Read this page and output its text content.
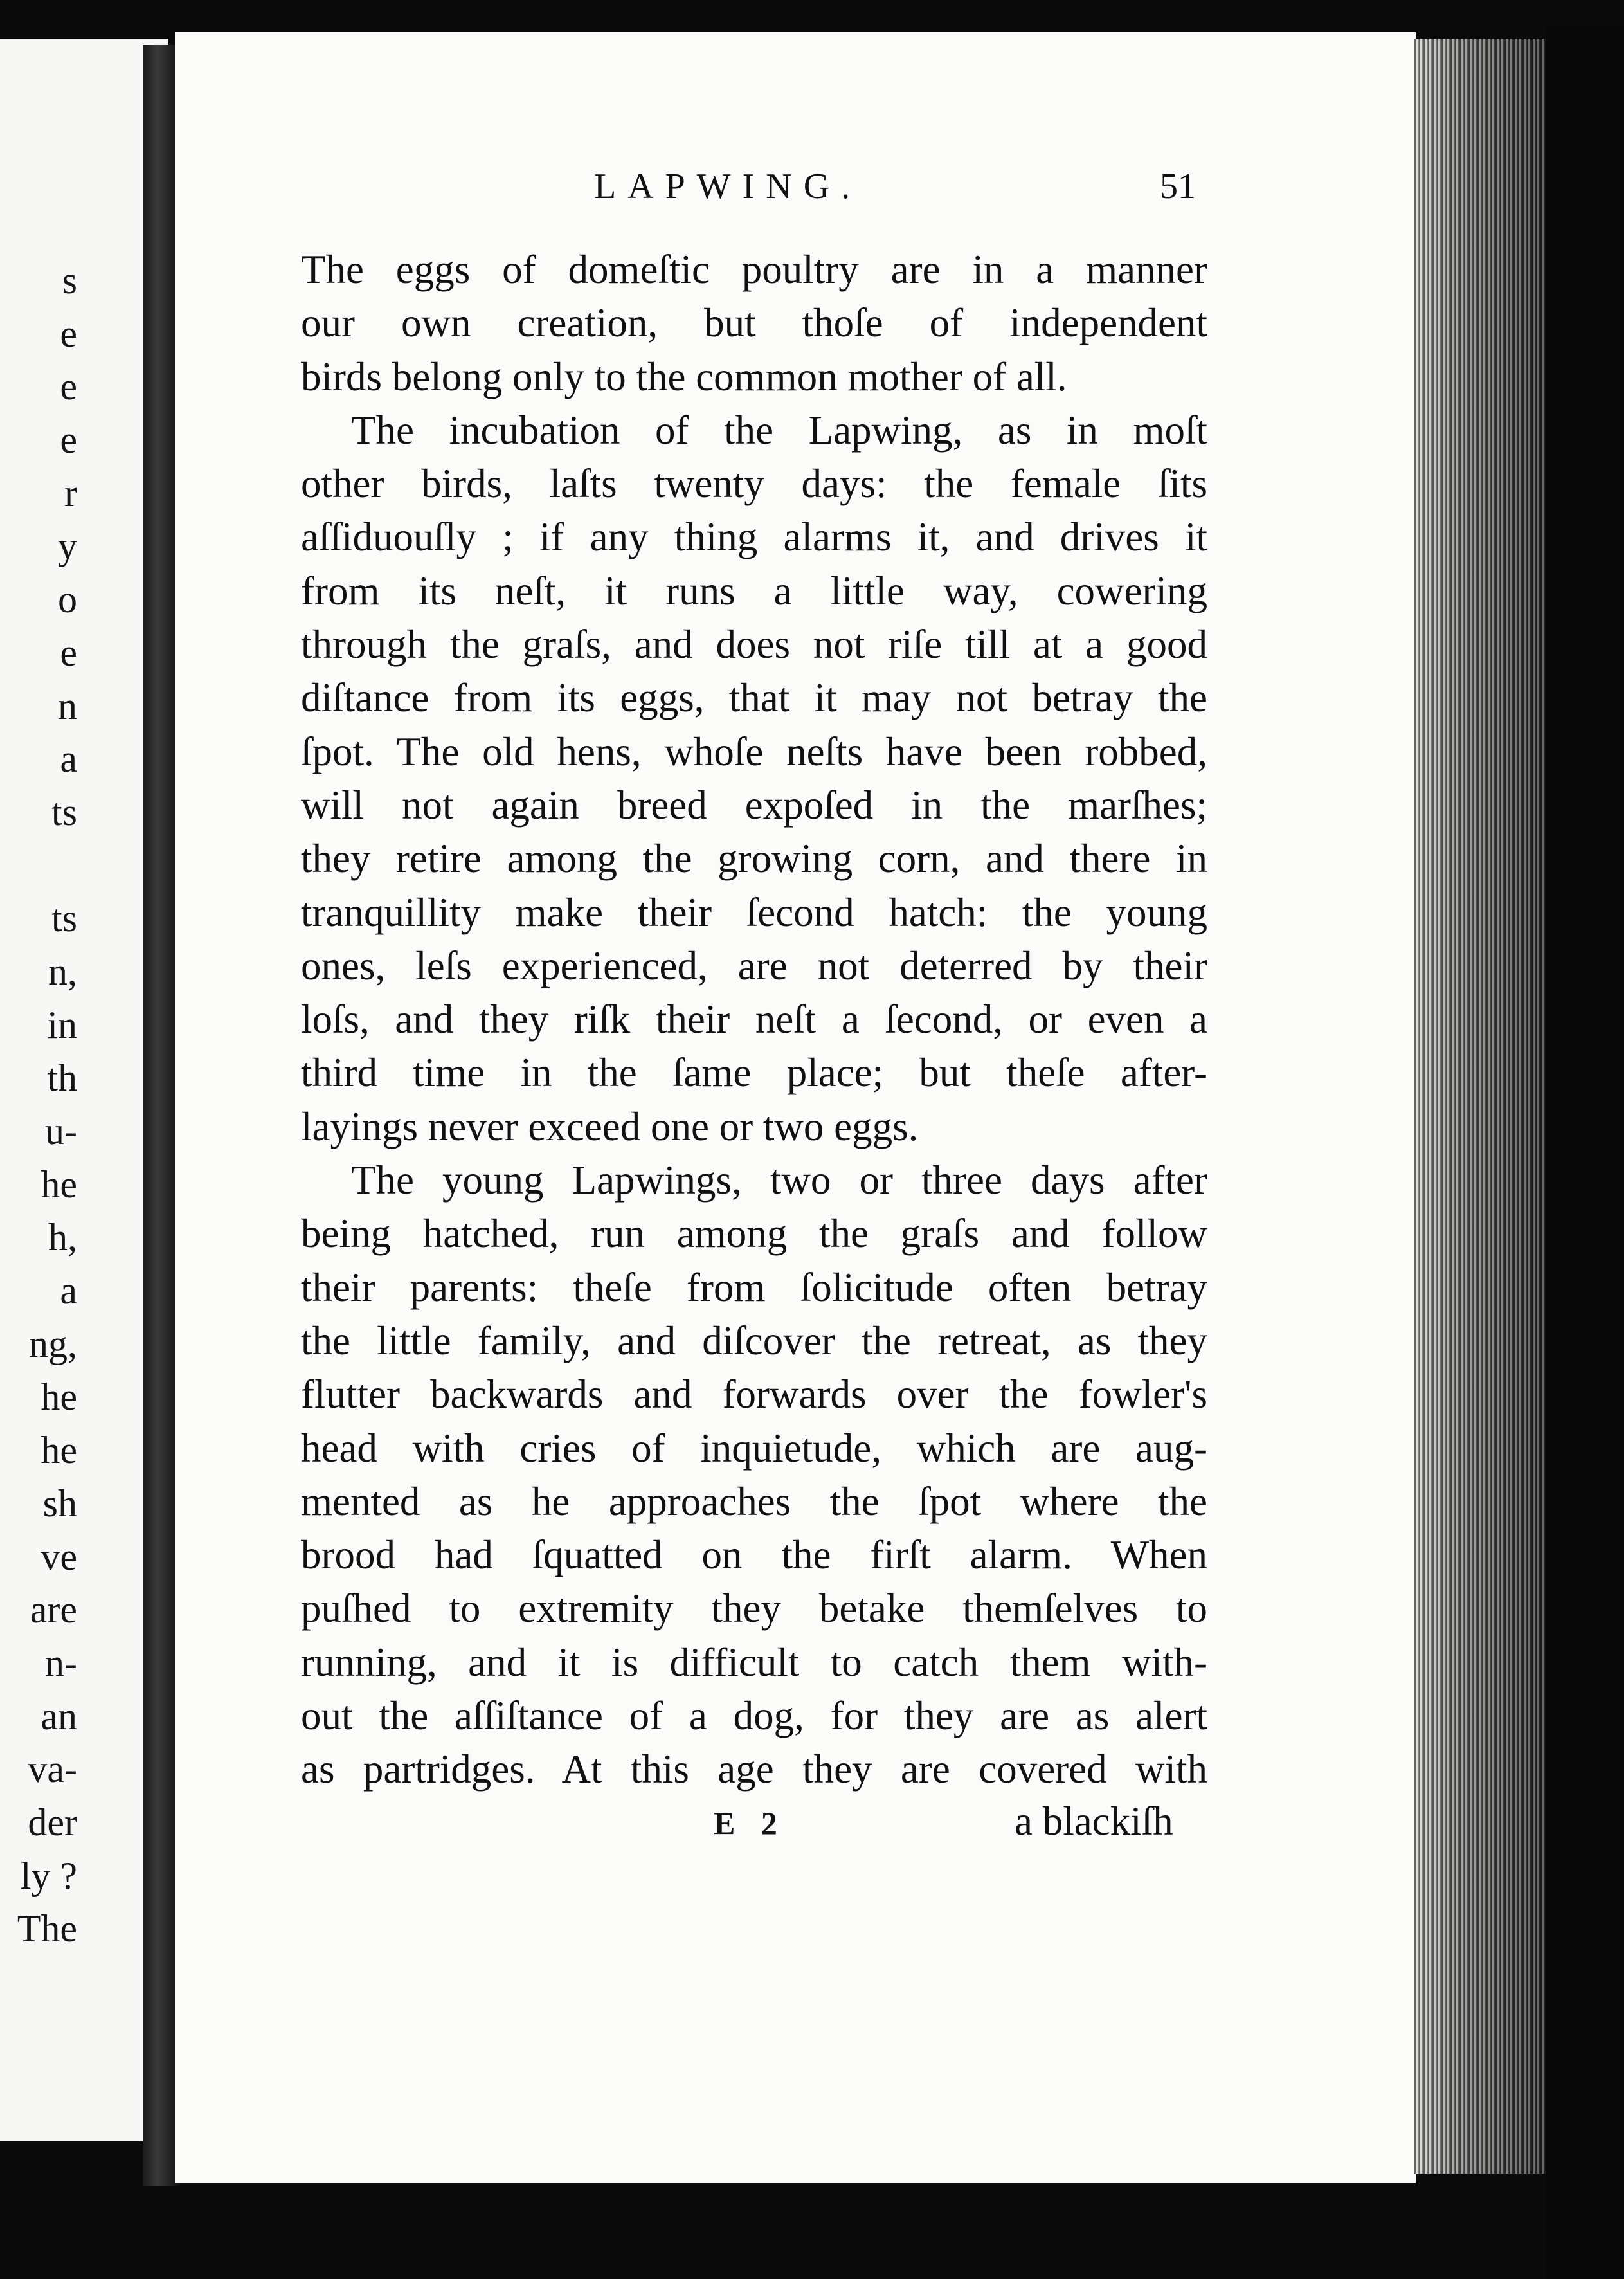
s
e
e
e
r
y
o
e
n
a
ts
ts
n,
in
th
u-
he
h,
a
ng,
he
he
sh
ve
are
n-
an
va-
der
ly ?
The
LAPWING.	51
The eggs of domeſtic poultry are in a manner
our own creation, but thoſe of independent
birds belong only to the common mother of all.
The incubation of the Lapwing, as in moſt
other birds, laſts twenty days: the female ſits
aſſiduouſly ; if any thing alarms it, and drives it
from its neſt, it runs a little way, cowering
through the graſs, and does not riſe till at a good
diſtance from its eggs, that it may not betray the
ſpot. The old hens, whoſe neſts have been robbed,
will not again breed expoſed in the marſhes;
they retire among the growing corn, and there in
tranquillity make their ſecond hatch: the young
ones, leſs experienced, are not deterred by their
loſs, and they riſk their neſt a ſecond, or even a
third time in the ſame place; but theſe after-
layings never exceed one or two eggs.
The young Lapwings, two or three days after
being hatched, run among the graſs and follow
their parents: theſe from ſolicitude often betray
the little family, and diſcover the retreat, as they
flutter backwards and forwards over the fowler's
head with cries of inquietude, which are aug-
mented as he approaches the ſpot where the
brood had ſquatted on the firſt alarm. When
puſhed to extremity they betake themſelves to
running, and it is difficult to catch them with-
out the aſſiſtance of a dog, for they are as alert
as partridges. At this age they are covered with
E 2	a blackiſh
